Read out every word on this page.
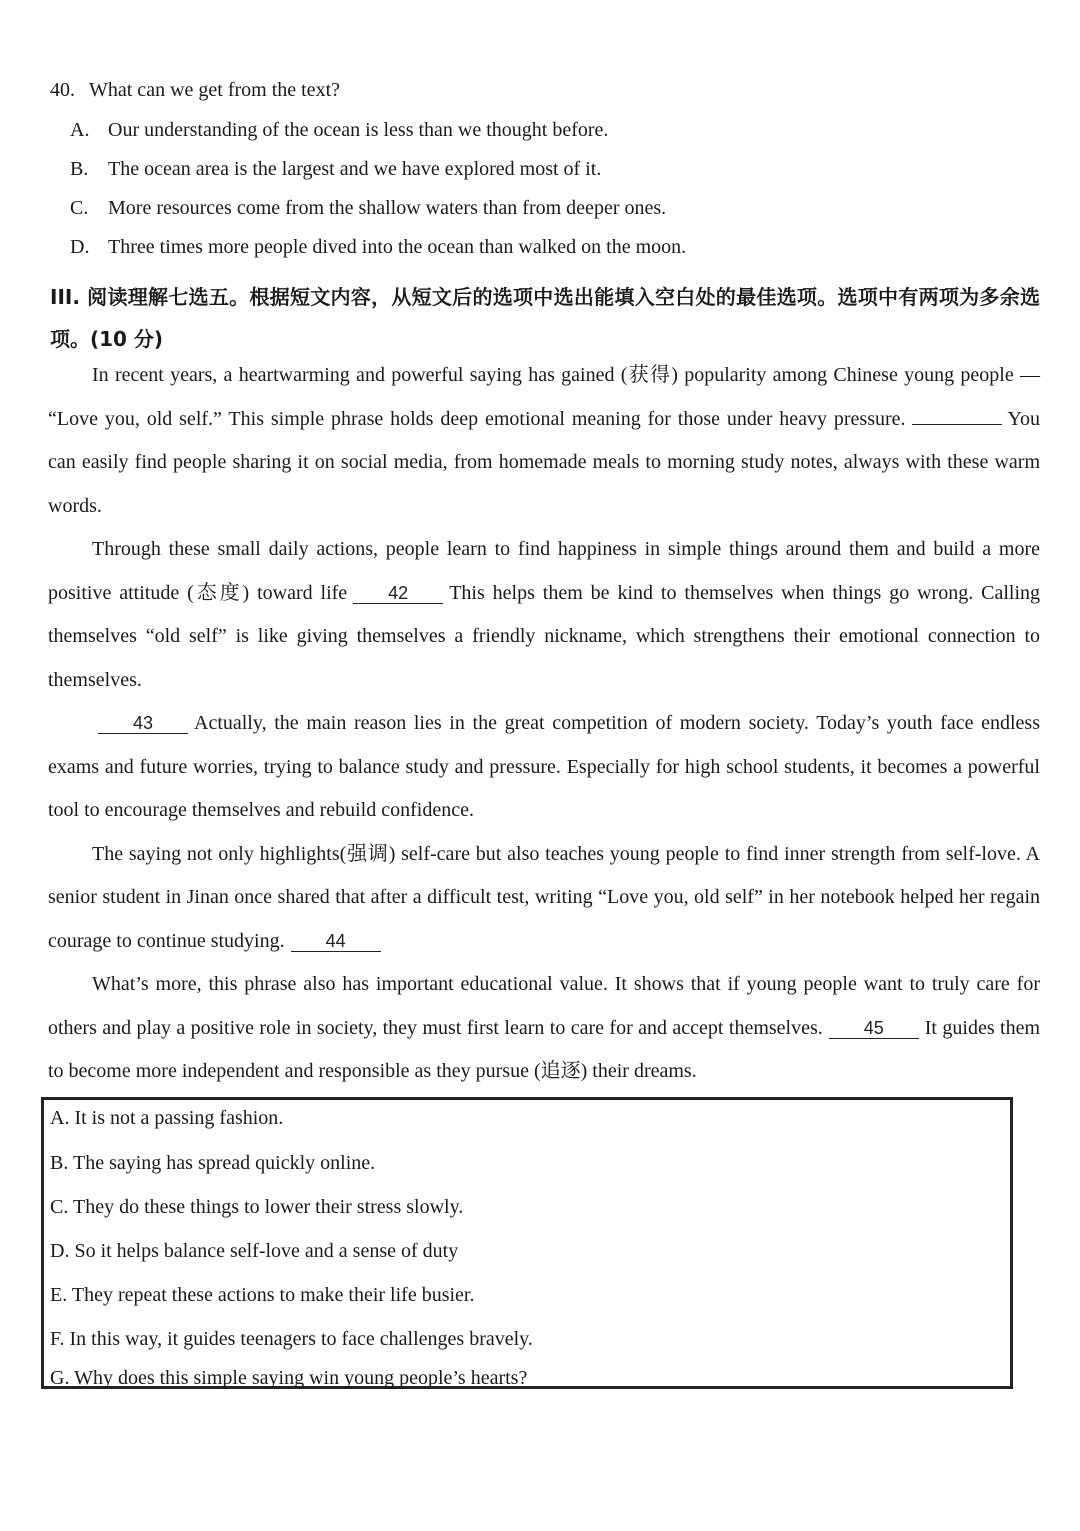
40. What can we get from the text?
A. Our understanding of the ocean is less than we thought before.
B. The ocean area is the largest and we have explored most of it.
C. More resources come from the shallow waters than from deeper ones.
D. Three times more people dived into the ocean than walked on the moon.
III. 阅读理解七选五。根据短文内容，从短文后的选项中选出能填入空白处的最佳选项。选项中有两项为多余选项。(10 分)

In recent years, a heartwarming and powerful saying has gained (获得) popularity among Chinese young people — “Love you, old self.” This simple phrase holds deep emotional meaning for those under heavy pressure.	You can easily find people sharing it on social media, from homemade meals to morning study notes, always with these warm words.

Through these small daily actions, people learn to find happiness in simple things around them and build a more positive attitude (态度) toward life 42 This helps them be kind to themselves when things go wrong. Calling themselves “old self” is like giving themselves a friendly nickname, which strengthens their emotional connection to themselves.

43 Actually, the main reason lies in the great competition of modern society. Today’s youth face endless exams and future worries, trying to balance study and pressure. Especially for high school students, it becomes a powerful tool to encourage themselves and rebuild confidence.

The saying not only highlights(强调) self-care but also teaches young people to find inner strength from self-love. A senior student in Jinan once shared that after a difficult test, writing “Love you, old self” in her notebook helped her regain courage to continue studying. 44

What’s more, this phrase also has important educational value. It shows that if young people want to truly care for others and play a positive role in society, they must first learn to care for and accept themselves. 45 It guides them to become more independent and responsible as they pursue (追逐) their dreams.

A. It is not a passing fashion.
B. The saying has spread quickly online.
C. They do these things to lower their stress slowly.
D. So it helps balance self-love and a sense of duty
E. They repeat these actions to make their life busier.
F. In this way, it guides teenagers to face challenges bravely.
G. Why does this simple saying win young people’s hearts?
